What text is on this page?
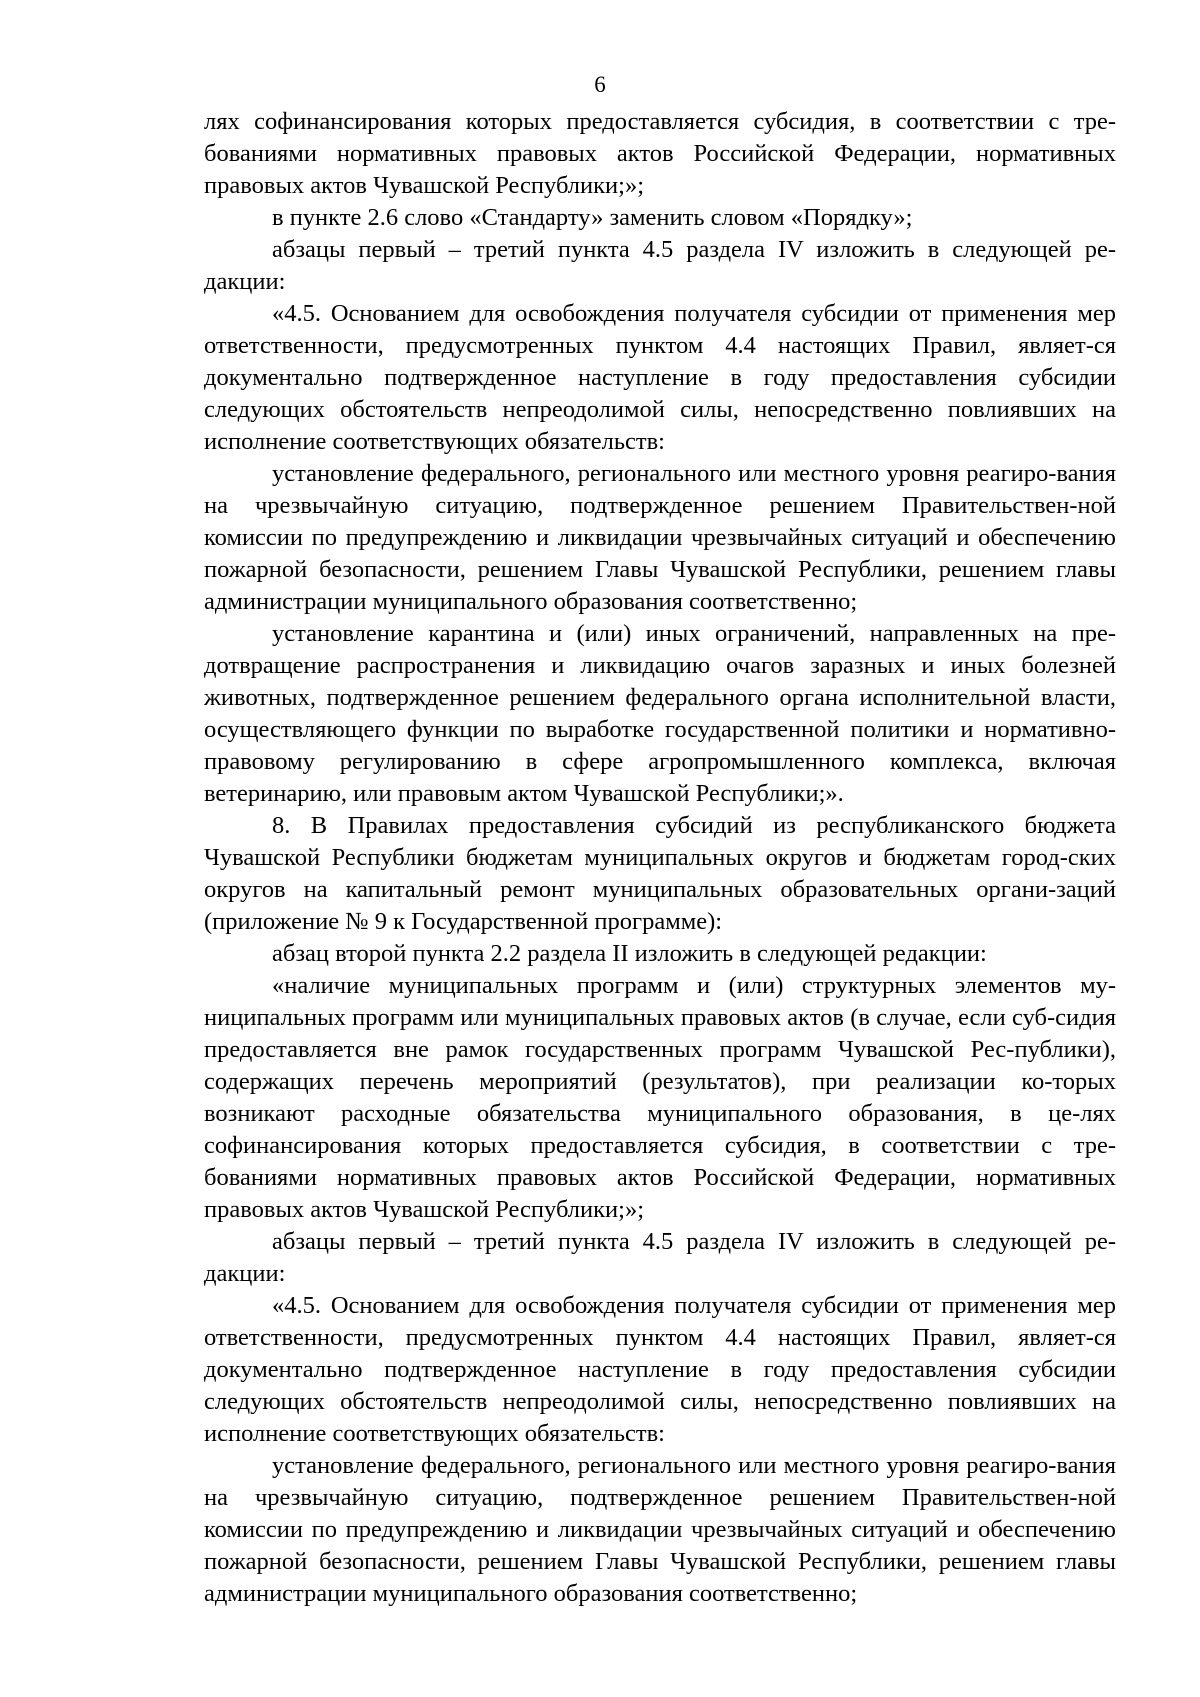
6

лях софинансирования которых предоставляется субсидия, в соответствии с тре-бованиями нормативных правовых актов Российской Федерации, нормативных правовых актов Чувашской Республики;»;

в пункте 2.6 слово «Стандарту» заменить словом «Порядку»;

абзацы первый – третий пункта 4.5 раздела IV изложить в следующей ре-дакции:

«4.5. Основанием для освобождения получателя субсидии от применения мер ответственности, предусмотренных пунктом 4.4 настоящих Правил, являет-ся документально подтвержденное наступление в году предоставления субсидии следующих обстоятельств непреодолимой силы, непосредственно повлиявших на исполнение соответствующих обязательств:

установление федерального, регионального или местного уровня реагиро-вания на чрезвычайную ситуацию, подтвержденное решением Правительствен-ной комиссии по предупреждению и ликвидации чрезвычайных ситуаций и обеспечению пожарной безопасности, решением Главы Чувашской Республики, решением главы администрации муниципального образования соответственно;

установление карантина и (или) иных ограничений, направленных на пре-дотвращение распространения и ликвидацию очагов заразных и иных болезней животных, подтвержденное решением федерального органа исполнительной власти, осуществляющего функции по выработке государственной политики и нормативно-правовому регулированию в сфере агропромышленного комплекса, включая ветеринарию, или правовым актом Чувашской Республики;».

8. В Правилах предоставления субсидий из республиканского бюджета Чувашской Республики бюджетам муниципальных округов и бюджетам город-ских округов на капитальный ремонт муниципальных образовательных органи-заций (приложение № 9 к Государственной программе):

абзац второй пункта 2.2 раздела II изложить в следующей редакции:

«наличие муниципальных программ и (или) структурных элементов му-ниципальных программ или муниципальных правовых актов (в случае, если суб-сидия предоставляется вне рамок государственных программ Чувашской Рес-публики), содержащих перечень мероприятий (результатов), при реализации ко-торых возникают расходные обязательства муниципального образования, в це-лях софинансирования которых предоставляется субсидия, в соответствии с тре-бованиями нормативных правовых актов Российской Федерации, нормативных правовых актов Чувашской Республики;»;

абзацы первый – третий пункта 4.5 раздела IV изложить в следующей ре-дакции:

«4.5. Основанием для освобождения получателя субсидии от применения мер ответственности, предусмотренных пунктом 4.4 настоящих Правил, являет-ся документально подтвержденное наступление в году предоставления субсидии следующих обстоятельств непреодолимой силы, непосредственно повлиявших на исполнение соответствующих обязательств:

установление федерального, регионального или местного уровня реагиро-вания на чрезвычайную ситуацию, подтвержденное решением Правительствен-ной комиссии по предупреждению и ликвидации чрезвычайных ситуаций и обеспечению пожарной безопасности, решением Главы Чувашской Республики, решением главы администрации муниципального образования соответственно;
